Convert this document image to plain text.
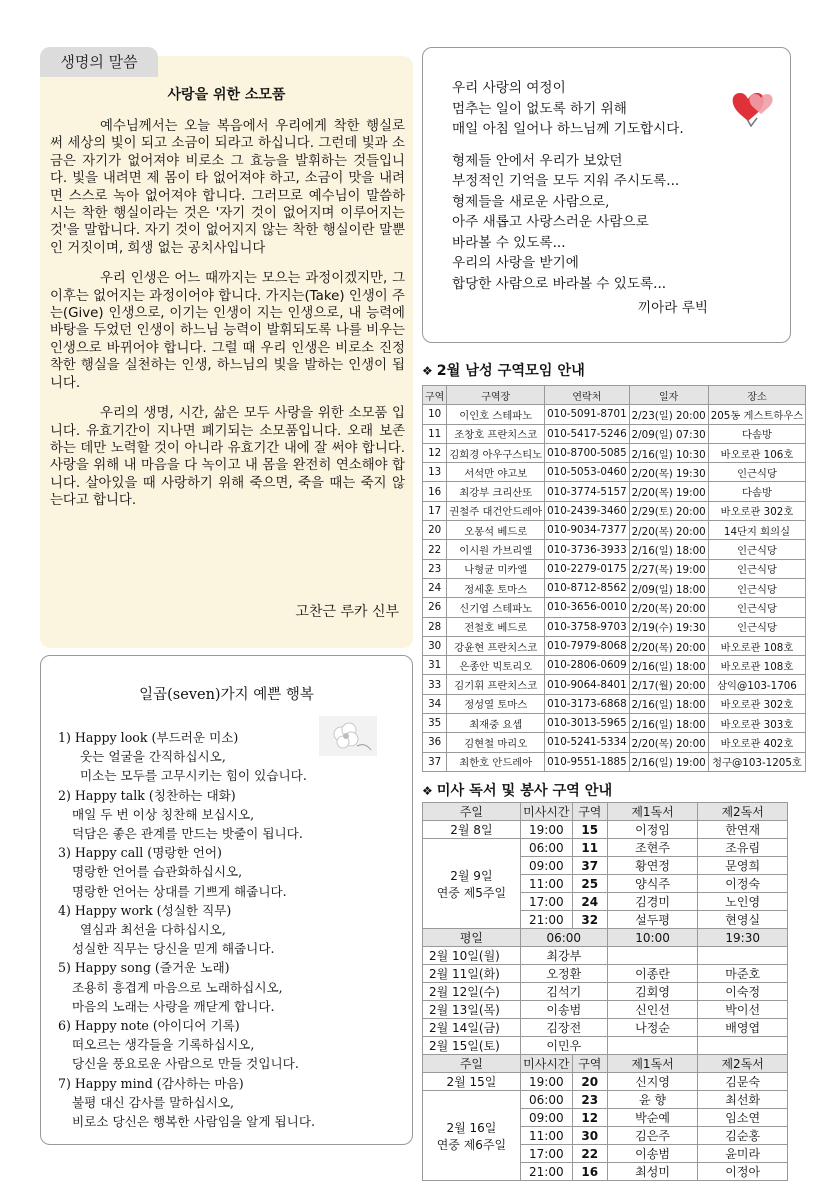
생명의 말씀
사랑을 위한 소모품

예수님께서는 오늘 복음에서 우리에게 착한 행실로써 세상의 빛이 되고 소금이 되라고 하십니다. 그런데 빛과 소금은 자기가 없어져야 비로소 그 효능을 발휘하는 것들입니다. 빛을 내려면 제 몸이 타 없어져야 하고, 소금이 맛을 내려면 스스로 녹아 없어져야 합니다. 그러므로 예수님이 말씀하시는 착한 행실이라는 것은 '자기 것이 없어지며 이루어지는 것'을 말합니다. 자기 것이 없어지지 않는 착한 행실이란 말뿐인 거짓이며, 희생 없는 공치사입니다

우리 인생은 어느 때까지는 모으는 과정이겠지만, 그 이후는 없어지는 과정이어야 합니다. 가지는(Take) 인생이 주는(Give) 인생으로, 이기는 인생이 지는 인생으로, 내 능력에 바탕을 두었던 인생이 하느님 능력이 발휘되도록 나를 비우는 인생으로 바뀌어야 합니다. 그럴 때 우리 인생은 비로소 진정 착한 행실을 실천하는 인생, 하느님의 빛을 발하는 인생이 됩니다.

우리의 생명, 시간, 삶은 모두 사랑을 위한 소모품 입니다. 유효기간이 지나면 폐기되는 소모품입니다. 오래 보존하는 데만 노력할 것이 아니라 유효기간 내에 잘 써야 합니다. 사랑을 위해 내 마음을 다 녹이고 내 몸을 완전히 연소해야 합니다. 살아있을 때 사랑하기 위해 죽으면, 죽을 때는 죽지 않는다고 합니다.

고찬근 루카 신부
우리 사랑의 여정이
멈추는 일이 없도록 하기 위해
매일 아침 일어나 하느님께 기도합시다.
형제들 안에서 우리가 보았던
부정적인 기억을 모두 지워 주시도록...
형제들을 새로운 사람으로,
아주 새롭고 사랑스러운 사람으로
바라볼 수 있도록...
우리의 사랑을 받기에
합당한 사람으로 바라볼 수 있도록...
끼아라 루빅
일곱(seven)가지 예쁜 행복
1) Happy look (부드러운 미소)
웃는 얼굴을 간직하십시오,
미소는 모두를 고무시키는 힘이 있습니다.
2) Happy talk (칭찬하는 대화)
매일 두 번 이상 칭찬해 보십시오,
덕담은 좋은 관계를 만드는 밧줄이 됩니다.
3) Happy call (명랑한 언어)
명랑한 언어를 습관화하십시오,
명랑한 언어는 상대를 기쁘게 해줍니다.
4) Happy work (성실한 직무)
열심과 최선을 다하십시오,
성실한 직무는 당신을 믿게 해줍니다.
5) Happy song (즐거운 노래)
조용히 흥겹게 마음으로 노래하십시오,
마음의 노래는 사랑을 깨닫게 합니다.
6) Happy note (아이디어 기록)
떠오르는 생각들을 기록하십시오,
당신을 풍요로운 사람으로 만들 것입니다.
7) Happy mind (감사하는 마음)
불평 대신 감사를 말하십시오,
비로소 당신은 행복한 사람임을 알게 됩니다.
❖ 2월 남성 구역모임 안내
구역	구역장	연락처	일자	장소
10	이인호 스테파노	010-5091-8701	2/23(일) 20:00	205동 게스트하우스
11	조창호 프란치스코	010-5417-5246	2/09(일) 07:30	다솜방
12	김희경 아우구스티노	010-8700-5085	2/16(일) 10:30	바오로관 106호
13	서석만 야고보	010-5053-0460	2/20(목) 19:30	인근식당
16	최강부 크리산또	010-3774-5157	2/20(목) 19:00	다솜방
17	권철주 대건안드레아	010-2439-3460	2/29(토) 20:00	바오로관 302호
20	오몽석 베드로	010-9034-7377	2/20(목) 20:00	14단지 회의실
22	이시원 가브리엘	010-3736-3933	2/16(일) 18:00	인근식당
23	나형균 미카엘	010-2279-0175	2/27(목) 19:00	인근식당
24	정세훈 토마스	010-8712-8562	2/09(일) 18:00	인근식당
26	신기엽 스테파노	010-3656-0010	2/20(목) 20:00	인근식당
28	전철호 베드로	010-3758-9703	2/19(수) 19:30	인근식당
30	강윤현 프란치스코	010-7979-8068	2/20(목) 20:00	바오로관 108호
31	은종안 빅토리오	010-2806-0609	2/16(일) 18:00	바오로관 108호
33	김기휘 프란치스코	010-9064-8401	2/17(월) 20:00	삼익@103-1706
34	정성열 토마스	010-3173-6868	2/16(일) 18:00	바오로관 302호
35	최재중 요셉	010-3013-5965	2/16(일) 18:00	바오로관 303호
36	김현철 마리오	010-5241-5334	2/20(목) 20:00	바오로관 402호
37	최한호 안드레아	010-9551-1885	2/16(일) 19:00	청구@103-1205호
❖ 미사 독서 및 봉사 구역 안내
주일	미사시간	구역	제1독서	제2독서
2월 8일	19:00	15	이정임	한연재
2월 9일
연중 제5주일	06:00	11	조현주	조유림
	09:00	37	황연정	문영희
	11:00	25	양식주	이정숙
	17:00	24	김경미	노인영
	21:00	32	설두평	현영실
평일	06:00		10:00	19:30
2월 10일(월)	최강부			
2월 11일(화)	오정환		이종란	마준호
2월 12일(수)	김석기		김회영	이숙정
2월 13일(목)	이송범		신인선	박이선
2월 14일(금)	김장전		나정순	배영엽
2월 15일(토)	이민우			
주일	미사시간	구역	제1독서	제2독서
2월 15일	19:00	20	신지영	김문숙
2월 16일
연중 제6주일	06:00	23	윤 향	최선화
	09:00	12	박순예	임소연
	11:00	30	김은주	김순홍
	17:00	22	이송범	윤미라
	21:00	16	최성미	이정아
